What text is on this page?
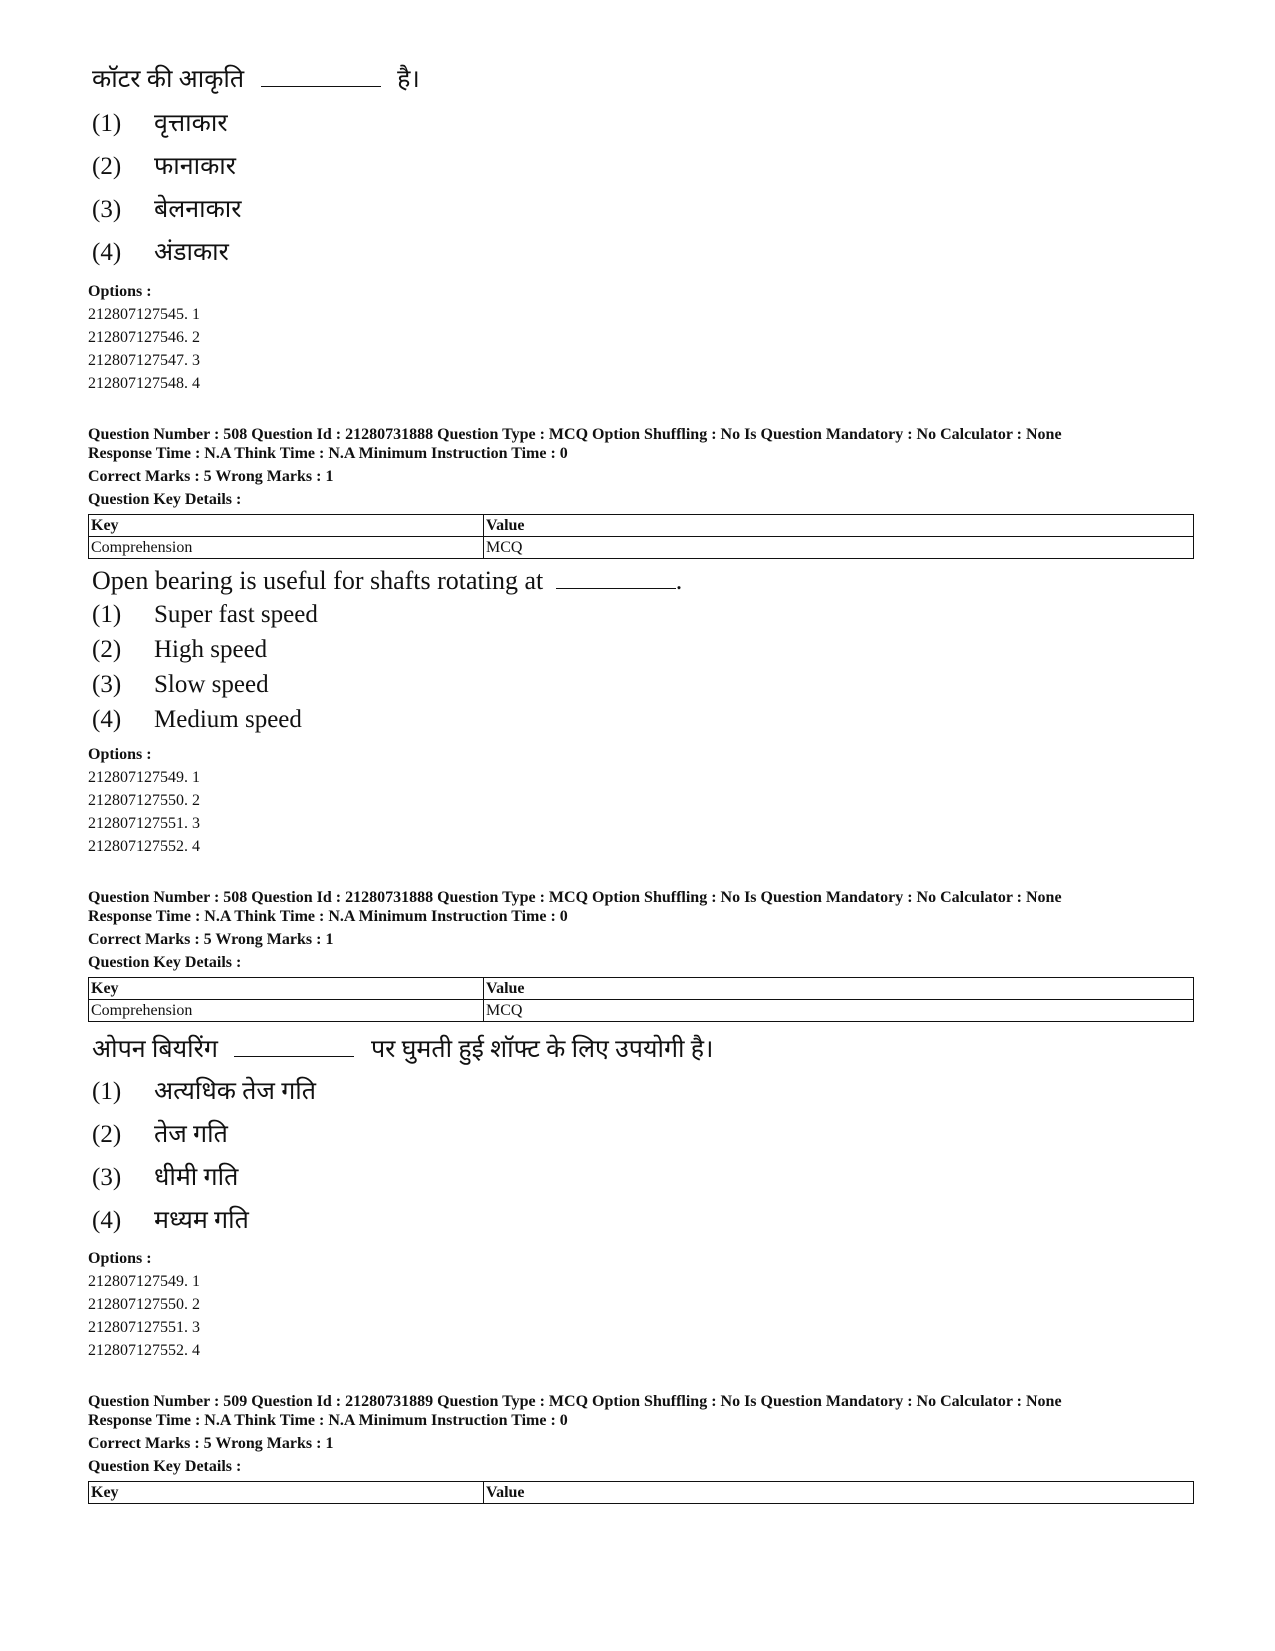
कॉटर की आकृति	है।
(1) वृत्ताकार
(2) फानाकार
(3) बेलनाकार
(4) अंडाकार
Options :
212807127545. 1
212807127546. 2
212807127547. 3
212807127548. 4
Question Number : 508 Question Id : 21280731888 Question Type : MCQ Option Shuffling : No Is Question Mandatory : No Calculator : None
Response Time : N.A Think Time : N.A Minimum Instruction Time : 0
Correct Marks : 5 Wrong Marks : 1
Question Key Details :
Key	Value
Comprehension	MCQ
Open bearing is useful for shafts rotating at	.
(1) Super fast speed
(2) High speed
(3) Slow speed
(4) Medium speed
Options :
212807127549. 1
212807127550. 2
212807127551. 3
212807127552. 4
Question Number : 508 Question Id : 21280731888 Question Type : MCQ Option Shuffling : No Is Question Mandatory : No Calculator : None
Response Time : N.A Think Time : N.A Minimum Instruction Time : 0
Correct Marks : 5 Wrong Marks : 1
Question Key Details :
Key	Value
Comprehension	MCQ
ओपन बियरिंग	पर घुमती हुई शॉफ्ट के लिए उपयोगी है।
(1) अत्यधिक तेज गति
(2) तेज गति
(3) धीमी गति
(4) मध्यम गति
Options :
212807127549. 1
212807127550. 2
212807127551. 3
212807127552. 4
Question Number : 509 Question Id : 21280731889 Question Type : MCQ Option Shuffling : No Is Question Mandatory : No Calculator : None
Response Time : N.A Think Time : N.A Minimum Instruction Time : 0
Correct Marks : 5 Wrong Marks : 1
Question Key Details :
Key	Value
